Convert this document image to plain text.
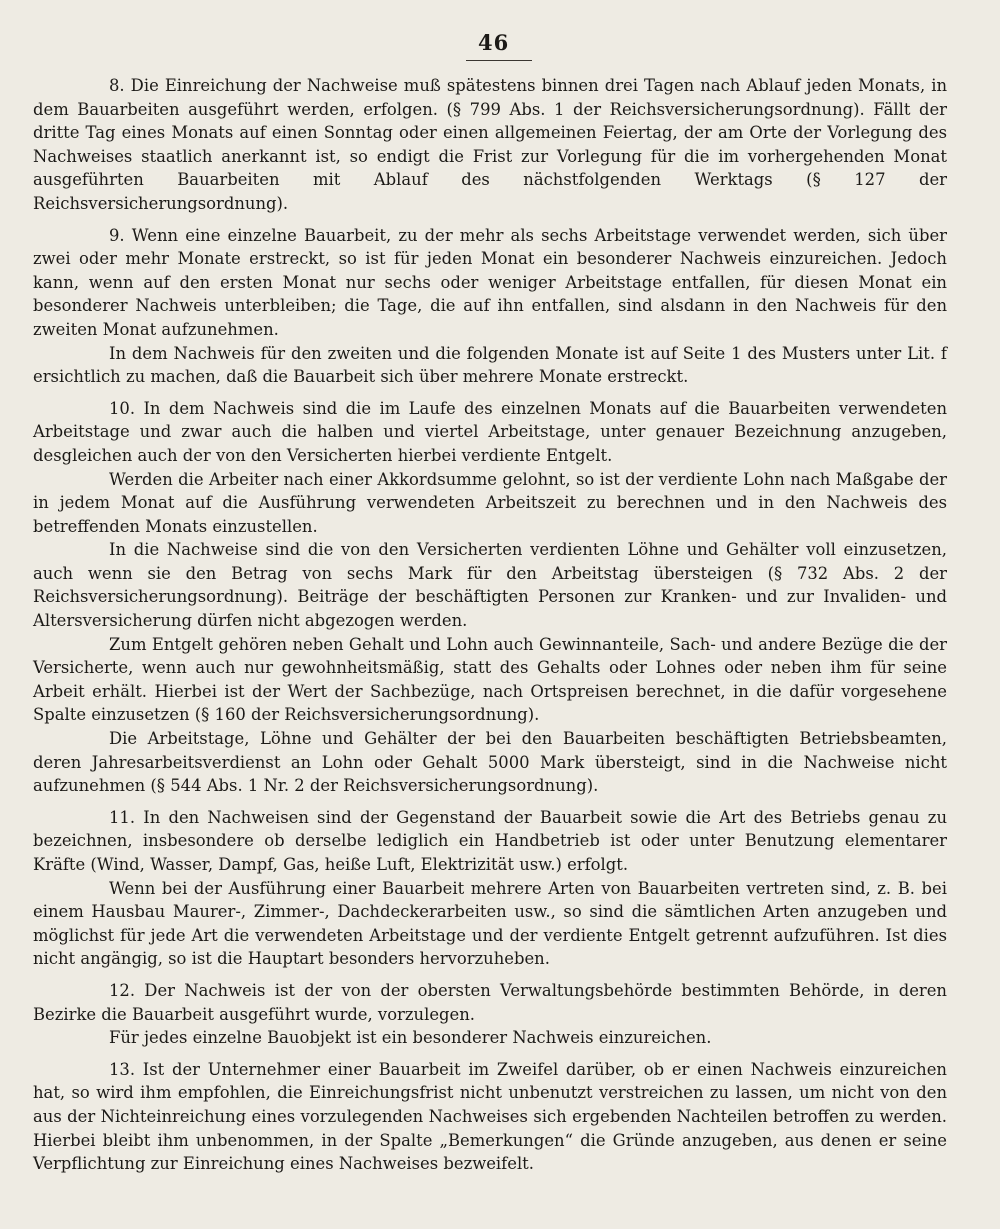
46

8. Die Einreichung der Nachweise muß spätestens binnen drei Tagen nach Ablauf jeden Monats, in dem Bauarbeiten ausgeführt werden, erfolgen. (§ 799 Abs. 1 der Reichsversicherungsordnung). Fällt der dritte Tag eines Monats auf einen Sonntag oder einen allgemeinen Feiertag, der am Orte der Vorlegung des Nachweises staatlich anerkannt ist, so endigt die Frist zur Vorlegung für die im vorhergehenden Monat ausgeführten Bauarbeiten mit Ablauf des nächstfolgenden Werktags (§ 127 der Reichsversicherungsordnung).

9. Wenn eine einzelne Bauarbeit, zu der mehr als sechs Arbeitstage verwendet werden, sich über zwei oder mehr Monate erstreckt, so ist für jeden Monat ein besonderer Nachweis einzureichen. Jedoch kann, wenn auf den ersten Monat nur sechs oder weniger Arbeitstage entfallen, für diesen Monat ein besonderer Nachweis unterbleiben; die Tage, die auf ihn entfallen, sind alsdann in den Nachweis für den zweiten Monat aufzunehmen.

In dem Nachweis für den zweiten und die folgenden Monate ist auf Seite 1 des Musters unter Lit. f ersichtlich zu machen, daß die Bauarbeit sich über mehrere Monate erstreckt.

10. In dem Nachweis sind die im Laufe des einzelnen Monats auf die Bauarbeiten verwendeten Arbeitstage und zwar auch die halben und viertel Arbeitstage, unter genauer Bezeichnung anzugeben, desgleichen auch der von den Versicherten hierbei verdiente Entgelt.

Werden die Arbeiter nach einer Akkordsumme gelohnt, so ist der verdiente Lohn nach Maßgabe der in jedem Monat auf die Ausführung verwendeten Arbeitszeit zu berechnen und in den Nachweis des betreffenden Monats einzustellen.

In die Nachweise sind die von den Versicherten verdienten Löhne und Gehälter voll einzusetzen, auch wenn sie den Betrag von sechs Mark für den Arbeitstag übersteigen (§ 732 Abs. 2 der Reichsversicherungsordnung). Beiträge der beschäftigten Personen zur Kranken- und zur Invaliden- und Altersversicherung dürfen nicht abgezogen werden.

Zum Entgelt gehören neben Gehalt und Lohn auch Gewinnanteile, Sach- und andere Bezüge die der Versicherte, wenn auch nur gewohnheitsmäßig, statt des Gehalts oder Lohnes oder neben ihm für seine Arbeit erhält. Hierbei ist der Wert der Sachbezüge, nach Ortspreisen berechnet, in die dafür vorgesehene Spalte einzusetzen (§ 160 der Reichsversicherungsordnung).

Die Arbeitstage, Löhne und Gehälter der bei den Bauarbeiten beschäftigten Betriebsbeamten, deren Jahresarbeitsverdienst an Lohn oder Gehalt 5000 Mark übersteigt, sind in die Nachweise nicht aufzunehmen (§ 544 Abs. 1 Nr. 2 der Reichsversicherungsordnung).

11. In den Nachweisen sind der Gegenstand der Bauarbeit sowie die Art des Betriebs genau zu bezeichnen, insbesondere ob derselbe lediglich ein Handbetrieb ist oder unter Benutzung elementarer Kräfte (Wind, Wasser, Dampf, Gas, heiße Luft, Elektrizität usw.) erfolgt.

Wenn bei der Ausführung einer Bauarbeit mehrere Arten von Bauarbeiten vertreten sind, z. B. bei einem Hausbau Maurer-, Zimmer-, Dachdeckerarbeiten usw., so sind die sämtlichen Arten anzugeben und möglichst für jede Art die verwendeten Arbeitstage und der verdiente Entgelt getrennt aufzuführen. Ist dies nicht angängig, so ist die Hauptart besonders hervorzuheben.

12. Der Nachweis ist der von der obersten Verwaltungsbehörde bestimmten Behörde, in deren Bezirke die Bauarbeit ausgeführt wurde, vorzulegen.

Für jedes einzelne Bauobjekt ist ein besonderer Nachweis einzureichen.

13. Ist der Unternehmer einer Bauarbeit im Zweifel darüber, ob er einen Nachweis einzureichen hat, so wird ihm empfohlen, die Einreichungsfrist nicht unbenutzt verstreichen zu lassen, um nicht von den aus der Nichteinreichung eines vorzulegenden Nachweises sich ergebenden Nachteilen betroffen zu werden. Hierbei bleibt ihm unbenommen, in der Spalte „Bemerkungen“ die Gründe anzugeben, aus denen er seine Verpflichtung zur Einreichung eines Nachweises bezweifelt.
